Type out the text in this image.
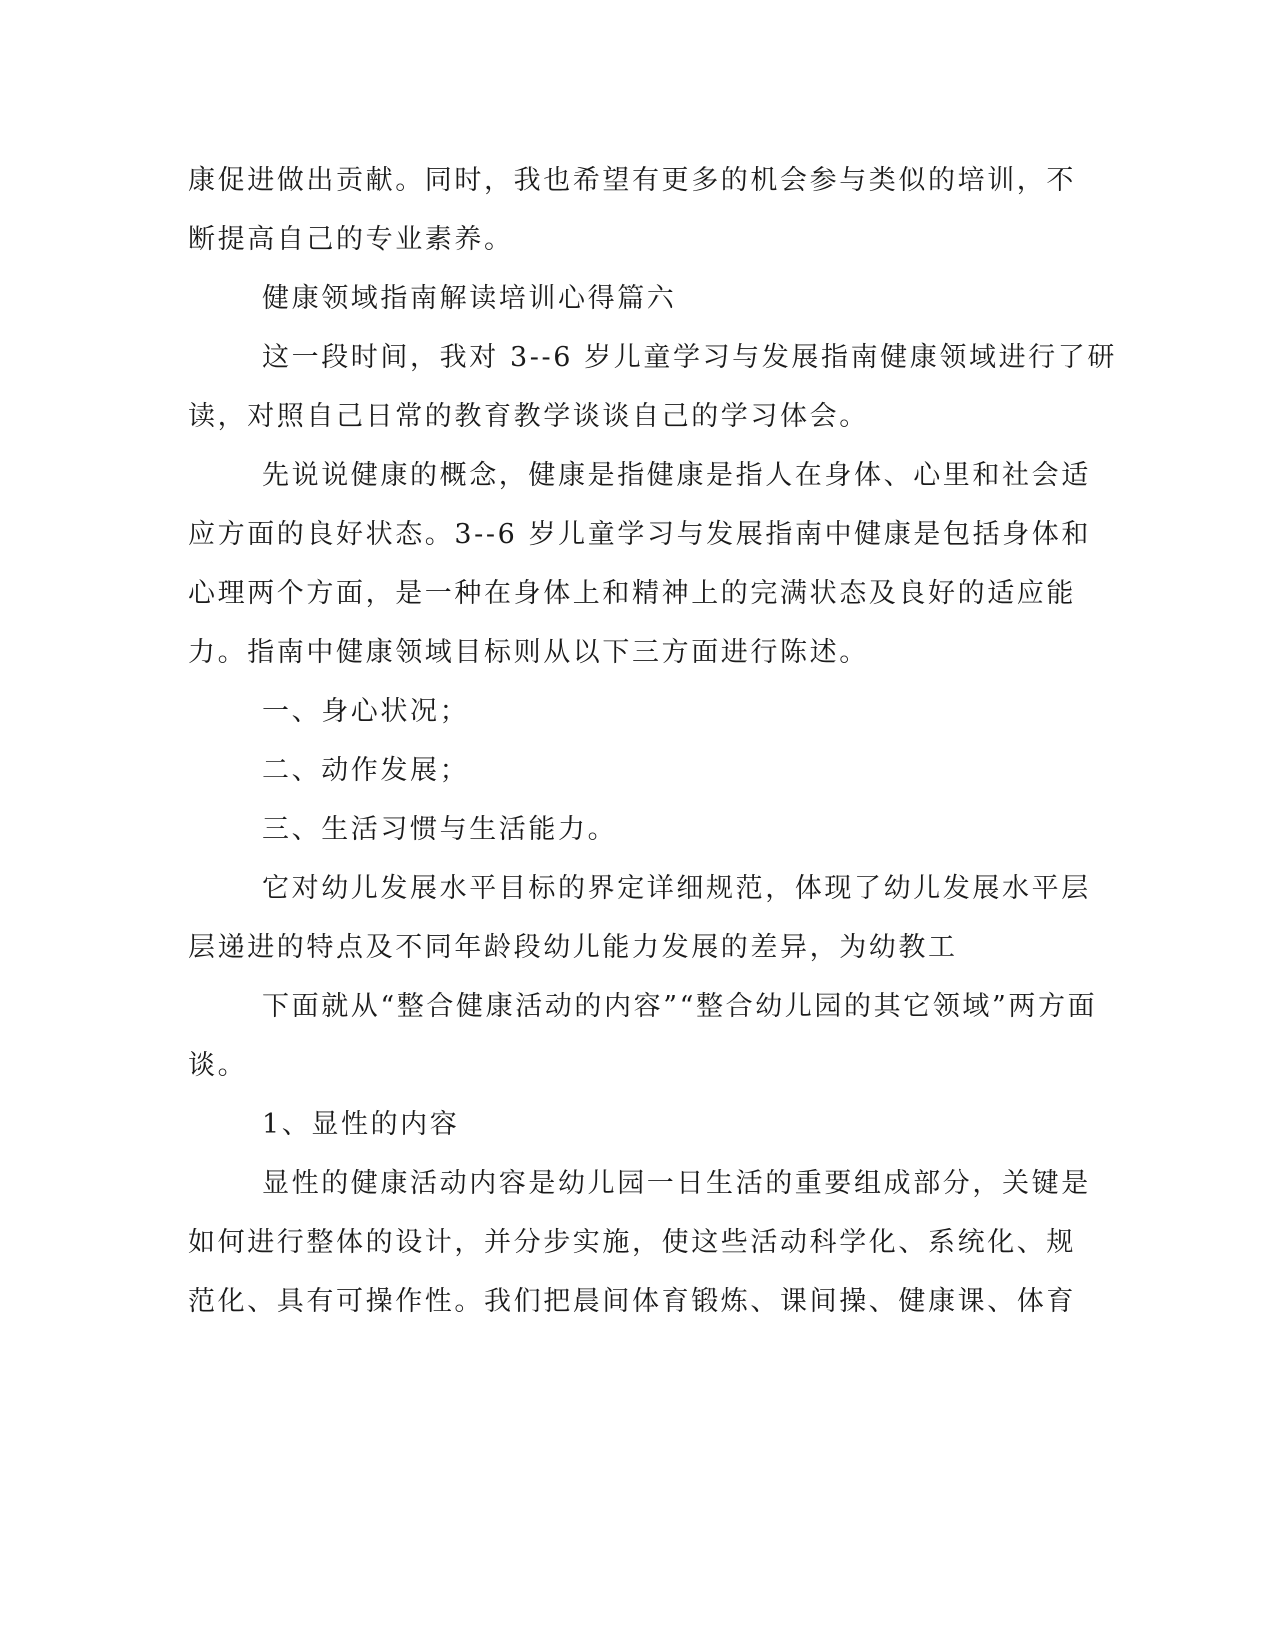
康促进做出贡献。同时，我也希望有更多的机会参与类似的培训，不
断提高自己的专业素养。
健康领域指南解读培训心得篇六
这一段时间，我对 3--6 岁儿童学习与发展指南健康领域进行了研
读，对照自己日常的教育教学谈谈自己的学习体会。
先说说健康的概念，健康是指健康是指人在身体、心里和社会适
应方面的良好状态。3--6 岁儿童学习与发展指南中健康是包括身体和
心理两个方面，是一种在身体上和精神上的完满状态及良好的适应能
力。指南中健康领域目标则从以下三方面进行陈述。
一、身心状况；
二、动作发展；
三、生活习惯与生活能力。
它对幼儿发展水平目标的界定详细规范，体现了幼儿发展水平层
层递进的特点及不同年龄段幼儿能力发展的差异，为幼教工
下面就从“整合健康活动的内容”“整合幼儿园的其它领域”两方面
谈。
1、显性的内容
显性的健康活动内容是幼儿园一日生活的重要组成部分，关键是
如何进行整体的设计，并分步实施，使这些活动科学化、系统化、规
范化、具有可操作性。我们把晨间体育锻炼、课间操、健康课、体育
